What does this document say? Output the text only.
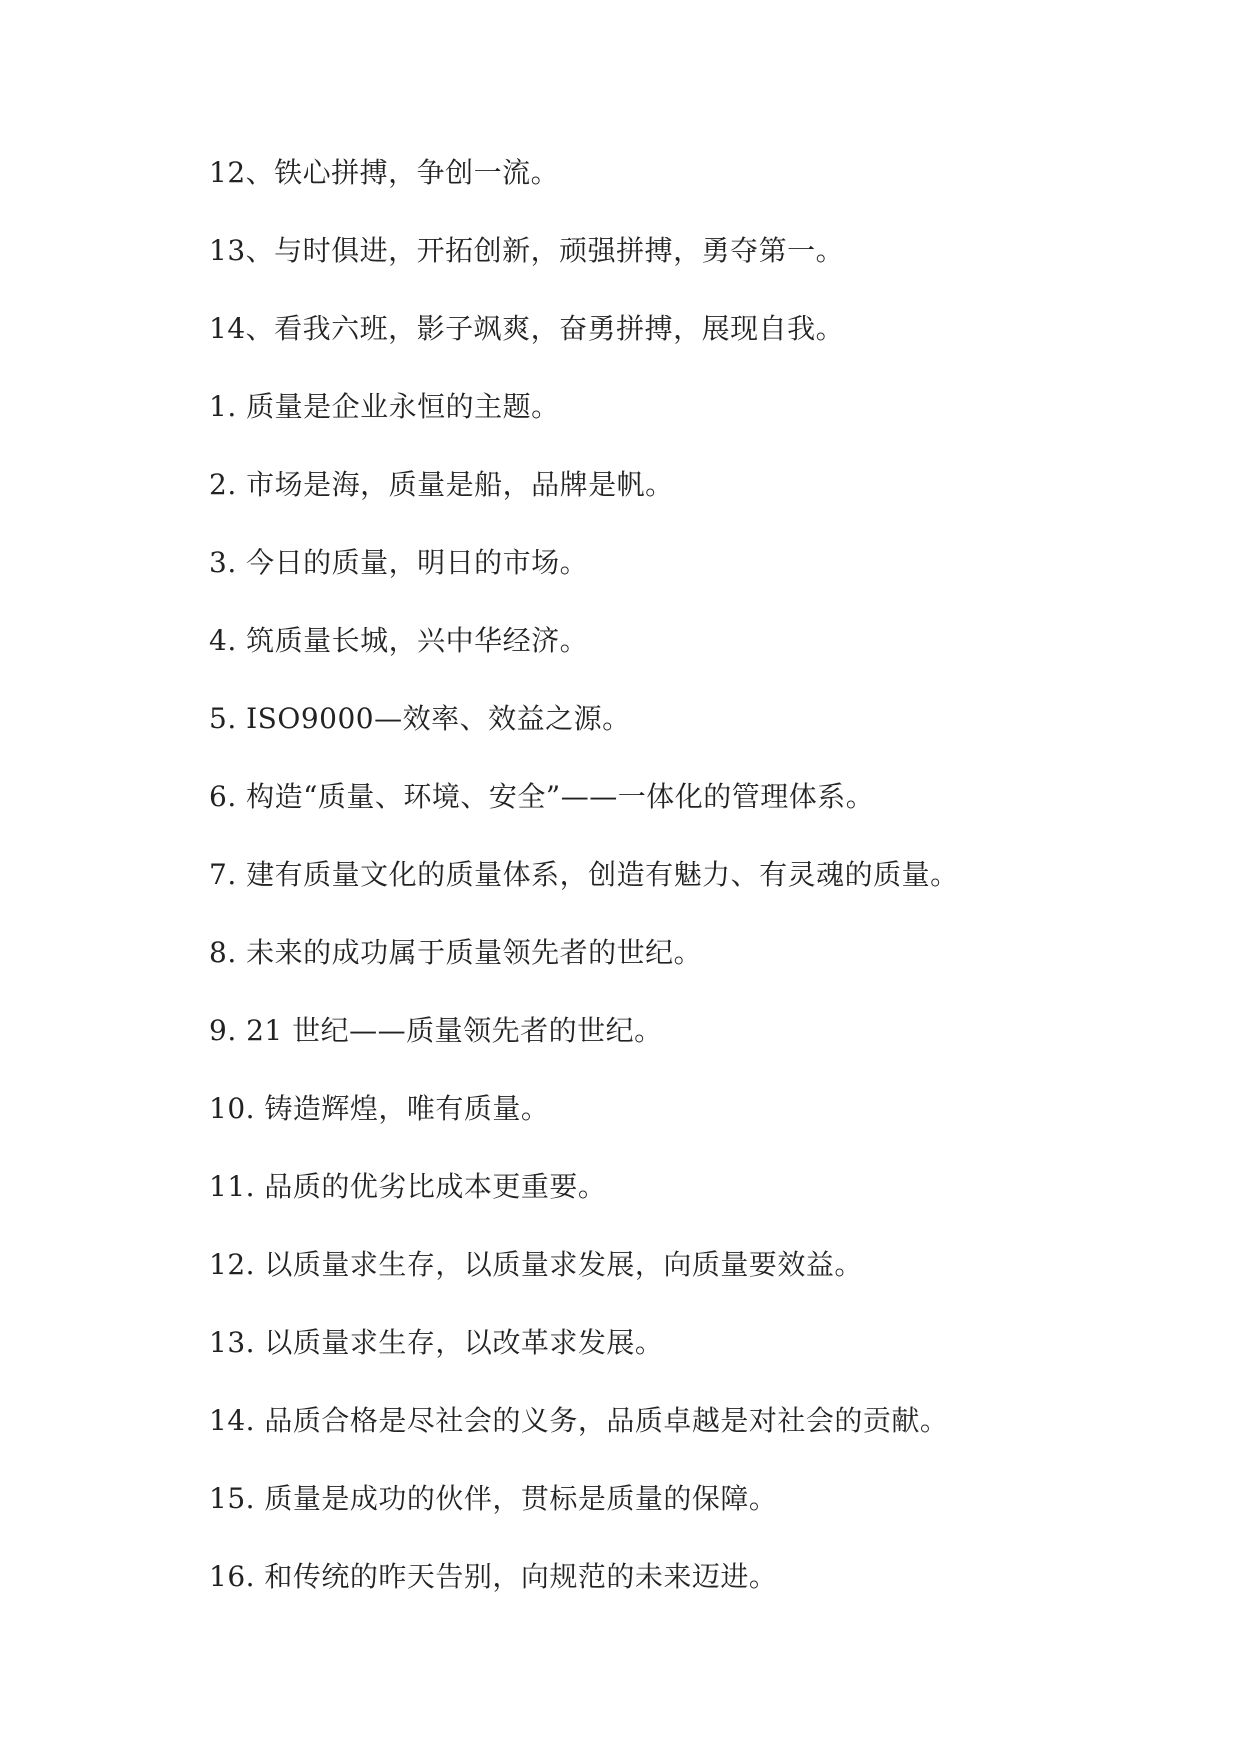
12、铁心拼搏，争创一流。
13、与时俱进，开拓创新，顽强拼搏，勇夺第一。
14、看我六班，影子飒爽，奋勇拼搏，展现自我。
1. 质量是企业永恒的主题。
2. 市场是海，质量是船，品牌是帆。
3. 今日的质量，明日的市场。
4. 筑质量长城，兴中华经济。
5. ISO9000—效率、效益之源。
6. 构造“质量、环境、安全”——一体化的管理体系。
7. 建有质量文化的质量体系，创造有魅力、有灵魂的质量。
8. 未来的成功属于质量领先者的世纪。
9. 21 世纪——质量领先者的世纪。
10. 铸造辉煌，唯有质量。
11. 品质的优劣比成本更重要。
12. 以质量求生存，以质量求发展，向质量要效益。
13. 以质量求生存，以改革求发展。
14. 品质合格是尽社会的义务，品质卓越是对社会的贡献。
15. 质量是成功的伙伴，贯标是质量的保障。
16. 和传统的昨天告别，向规范的未来迈进。
